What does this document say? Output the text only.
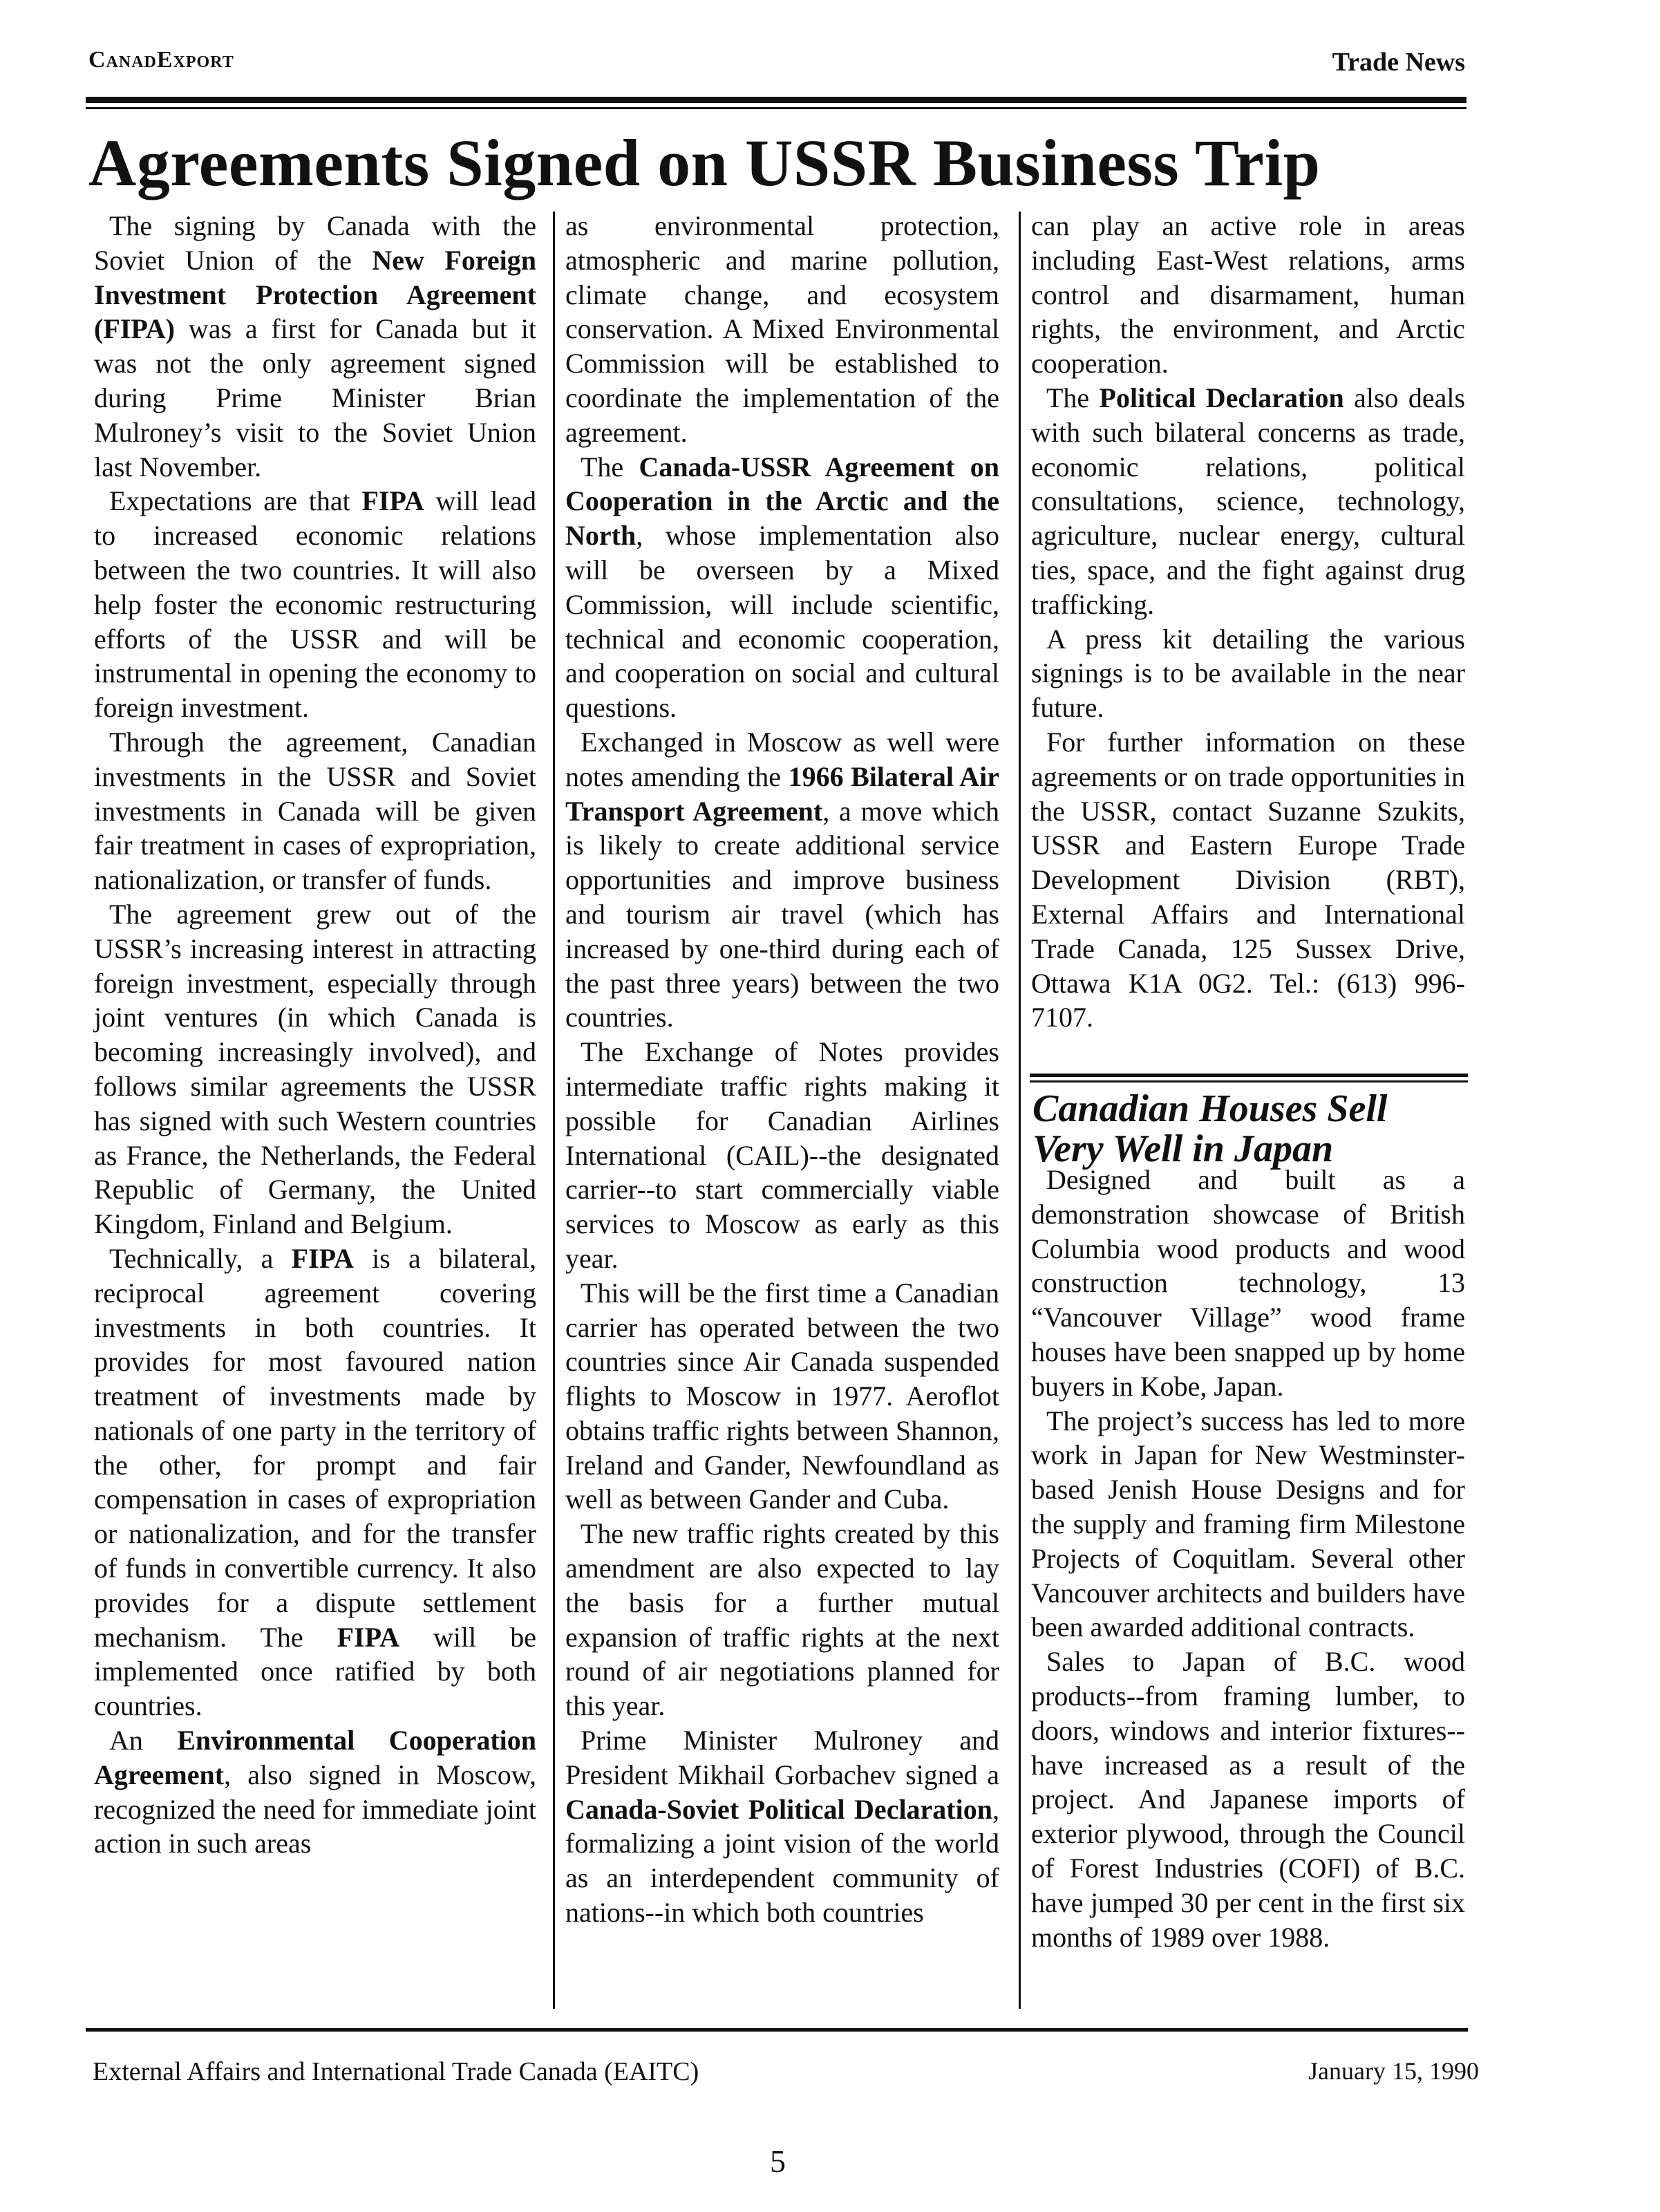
CanadExport	Trade News
Agreements Signed on USSR Business Trip

The signing by Canada with the Soviet Union of the New Foreign Investment Protection Agreement (FIPA) was a first for Canada but it was not the only agreement signed during Prime Minister Brian Mulroney’s visit to the Soviet Union last November.

Expectations are that FIPA will lead to increased economic relations between the two countries. It will also help foster the economic restructuring efforts of the USSR and will be instrumental in opening the economy to foreign investment.

Through the agreement, Canadian investments in the USSR and Soviet investments in Canada will be given fair treatment in cases of expropriation, nationalization, or transfer of funds.

The agreement grew out of the USSR’s increasing interest in attracting foreign investment, especially through joint ventures (in which Canada is becoming increasingly involved), and follows similar agreements the USSR has signed with such Western countries as France, the Netherlands, the Federal Republic of Germany, the United Kingdom, Finland and Belgium.

Technically, a FIPA is a bilateral, reciprocal agreement covering investments in both countries. It provides for most favoured nation treatment of investments made by nationals of one party in the territory of the other, for prompt and fair compensation in cases of expropriation or nationalization, and for the transfer of funds in convertible currency. It also provides for a dispute settlement mechanism. The FIPA will be implemented once ratified by both countries.

An Environmental Cooperation Agreement, also signed in Moscow, recognized the need for immediate joint action in such areas

as environmental protection, atmospheric and marine pollution, climate change, and ecosystem conservation. A Mixed Environmental Commission will be established to coordinate the implementation of the agreement.

The Canada-USSR Agreement on Cooperation in the Arctic and the North, whose implementation also will be overseen by a Mixed Commission, will include scientific, technical and economic cooperation, and cooperation on social and cultural questions.

Exchanged in Moscow as well were notes amending the 1966 Bilateral Air Transport Agreement, a move which is likely to create additional service opportunities and improve business and tourism air travel (which has increased by one-third during each of the past three years) between the two countries.

The Exchange of Notes provides intermediate traffic rights making it possible for Canadian Airlines International (CAIL)--the designated carrier--to start commercially viable services to Moscow as early as this year.

This will be the first time a Canadian carrier has operated between the two countries since Air Canada suspended flights to Moscow in 1977. Aeroflot obtains traffic rights between Shannon, Ireland and Gander, Newfoundland as well as between Gander and Cuba.

The new traffic rights created by this amendment are also expected to lay the basis for a further mutual expansion of traffic rights at the next round of air negotiations planned for this year.

Prime Minister Mulroney and President Mikhail Gorbachev signed a Canada-Soviet Political Declaration, formalizing a joint vision of the world as an interdependent community of nations--in which both countries

can play an active role in areas including East-West relations, arms control and disarmament, human rights, the environment, and Arctic cooperation.

The Political Declaration also deals with such bilateral concerns as trade, economic relations, political consultations, science, technology, agriculture, nuclear energy, cultural ties, space, and the fight against drug trafficking.

A press kit detailing the various signings is to be available in the near future.

For further information on these agreements or on trade opportunities in the USSR, contact Suzanne Szukits, USSR and Eastern Europe Trade Development Division (RBT), External Affairs and International Trade Canada, 125 Sussex Drive, Ottawa K1A 0G2. Tel.: (613) 996-7107.

Canadian Houses Sell Very Well in Japan

Designed and built as a demonstration showcase of British Columbia wood products and wood construction technology, 13 “Vancouver Village” wood frame houses have been snapped up by home buyers in Kobe, Japan.

The project’s success has led to more work in Japan for New Westminster-based Jenish House Designs and for the supply and framing firm Milestone Projects of Coquitlam. Several other Vancouver architects and builders have been awarded additional contracts.

Sales to Japan of B.C. wood products--from framing lumber, to doors, windows and interior fixtures--have increased as a result of the project. And Japanese imports of exterior plywood, through the Council of Forest Industries (COFI) of B.C. have jumped 30 per cent in the first six months of 1989 over 1988.

External Affairs and International Trade Canada (EAITC)	January 15, 1990
5
